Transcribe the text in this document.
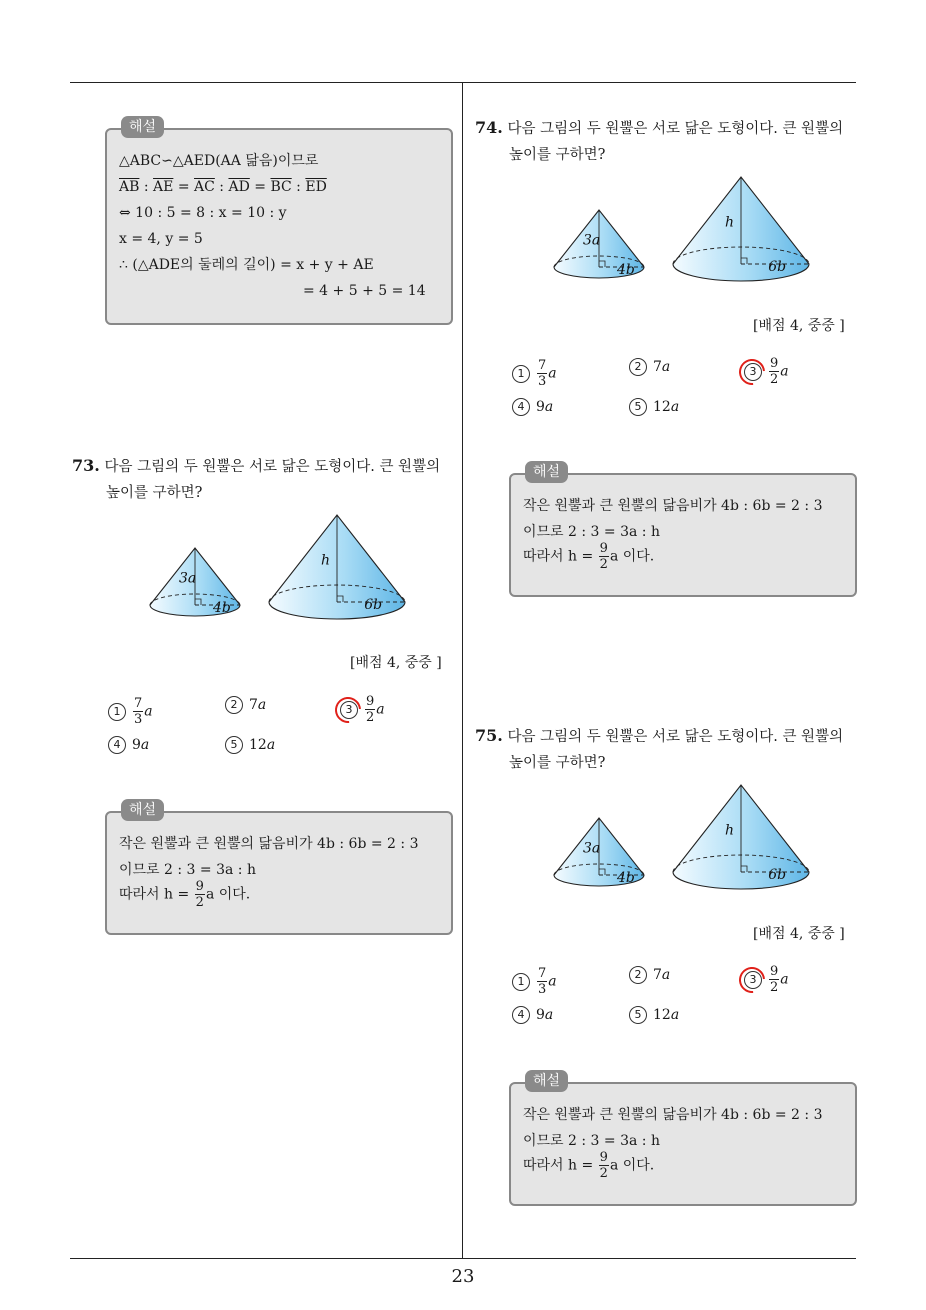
23
해설
△ABC∽△AED(AA 닮음)이므로
$\overline{AB}$ : $\overline{AE} = \overline{AC}$ : $\overline{AD} = \overline{BC}$ : $\overline{ED}$
⇔ 10 : 5 = 8 : x = 10 : y
x = 4, y = 5
∴ (△ADE의 둘레의 길이) = x + y + AE
= 4 + 5 + 5 = 14
73. 다음 그림의 두 원뿔은 서로 닮은 도형이다. 큰 원뿔의
높이를 구하면?
3a
4b
h
6b
[배점 4, 중중 ]
$1 \frac{7}{3}$ a	2 7a	$3 \frac{9}{2}$ a
4 9a	5 12a
해설
작은 원뿔과 큰 원뿔의 닮음비가 4b : 6b = 2 : 3
이므로 2 : 3 = 3a : h
따라서 $h = \frac{9}{2}$ a 이다.
74. 다음 그림의 두 원뿔은 서로 닮은 도형이다. 큰 원뿔의
높이를 구하면?
3a
4b
h
6b
[배점 4, 중중 ]
$1 \frac{7}{3}$ a	2 7a	$3 \frac{9}{2}$ a
4 9a	5 12a
해설
작은 원뿔과 큰 원뿔의 닮음비가 4b : 6b = 2 : 3
이므로 2 : 3 = 3a : h
따라서 $h = \frac{9}{2}$ a 이다.
75. 다음 그림의 두 원뿔은 서로 닮은 도형이다. 큰 원뿔의
높이를 구하면?
3a
4b
h
6b
[배점 4, 중중 ]
$1 \frac{7}{3}$ a	2 7a	$3 \frac{9}{2}$ a
4 9a	5 12a
해설
작은 원뿔과 큰 원뿔의 닮음비가 4b : 6b = 2 : 3
이므로 2 : 3 = 3a : h
따라서 $h = \frac{9}{2}$ a 이다.
